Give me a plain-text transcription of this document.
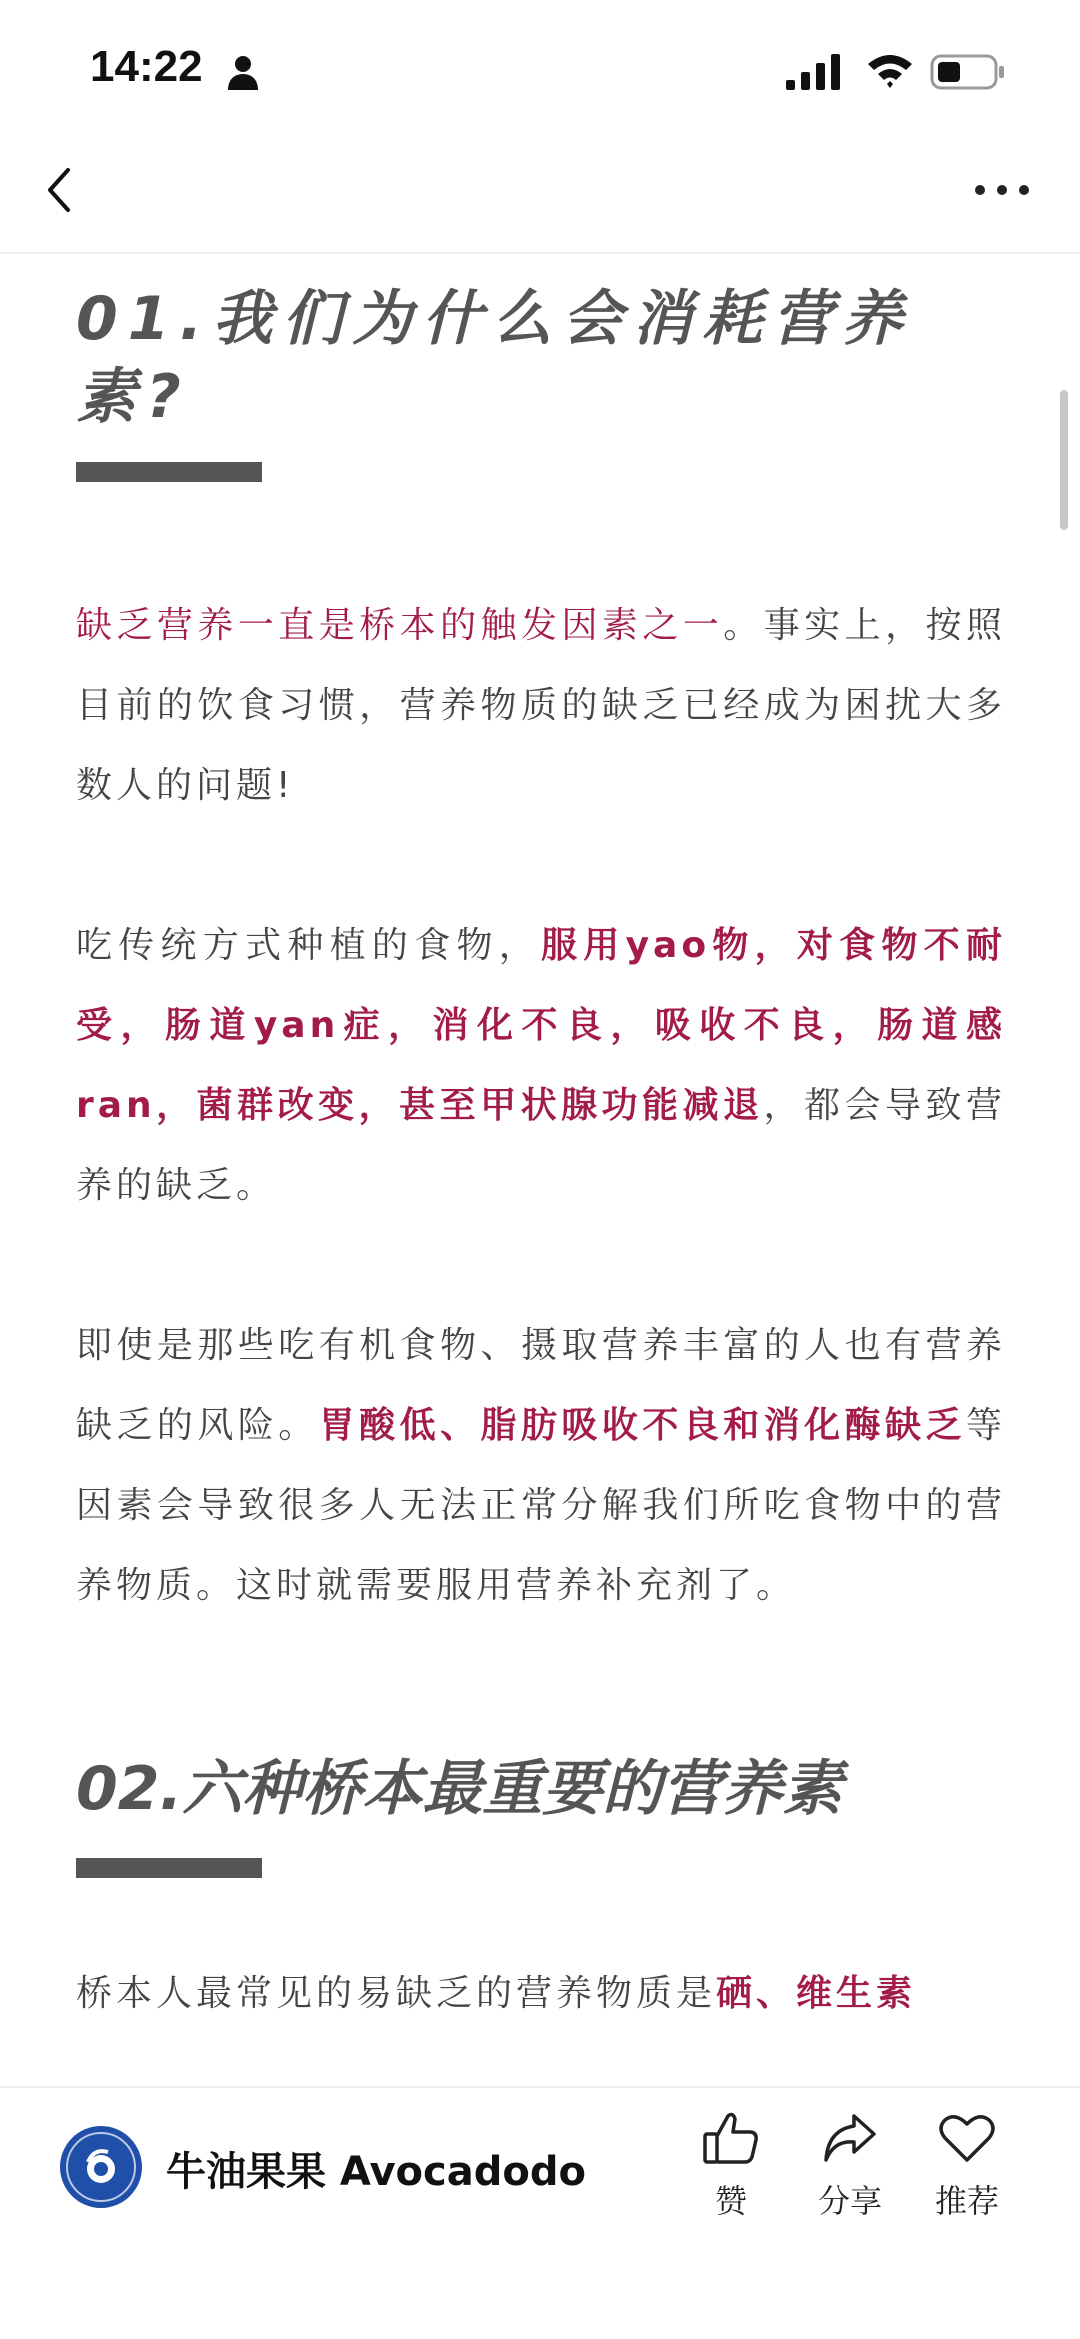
14:22
01.我们为什么会消耗营养素?

缺乏营养一直是桥本的触发因素之一。事实上，按照目前的饮食习惯，营养物质的缺乏已经成为困扰大多数人的问题!

吃传统方式种植的食物，服用yao物，对食物不耐受，肠道yan症，消化不良，吸收不良，肠道感ran，菌群改变，甚至甲状腺功能减退，都会导致营养的缺乏。

即使是那些吃有机食物、摄取营养丰富的人也有营养缺乏的风险。胃酸低、脂肪吸收不良和消化酶缺乏等因素会导致很多人无法正常分解我们所吃食物中的营养物质。这时就需要服用营养补充剂了。

02.六种桥本最重要的营养素

桥本人最常见的易缺乏的营养物质是硒、维生素

牛油果果 Avocadodo
赞	分享	推荐
